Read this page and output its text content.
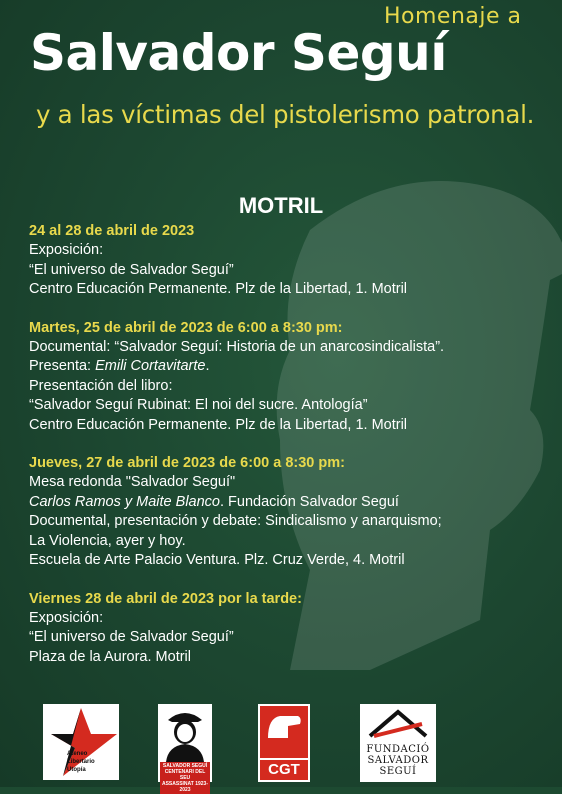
Homenaje a
Salvador Seguí
y a las víctimas del pistolerismo patronal.
MOTRIL
24 al 28 de abril de 2023
Exposición:
“El universo de Salvador Seguí”
Centro Educación Permanente. Plz de la Libertad, 1. Motril
Martes, 25 de abril de 2023 de 6:00 a 8:30 pm:
Documental: “Salvador Seguí: Historia de un anarcosindicalista”.
Presenta: Emili Cortavitarte.
Presentación del libro:
“Salvador Seguí Rubinat: El noi del sucre. Antología”
Centro Educación Permanente. Plz de la Libertad, 1. Motril
Jueves, 27 de abril de 2023 de 6:00 a 8:30 pm:
Mesa redonda "Salvador Seguí"
Carlos Ramos y Maite Blanco. Fundación Salvador Seguí
Documental, presentación y debate: Sindicalismo y anarquismo;
La Violencia, ayer y hoy.
Escuela de Arte Palacio Ventura. Plz. Cruz Verde, 4. Motril
Viernes 28 de abril de 2023 por la tarde:
Exposición:
“El universo de Salvador Seguí”
Plaza de la Aurora. Motril
Ateneo
Libertario
Utopía
SALVADOR SEGUÍ
CENTENARI DEL SEU
ASSASSINAT 1923-2023
CGT
FUNDACIÓ
SALVADOR
SEGUÍ
